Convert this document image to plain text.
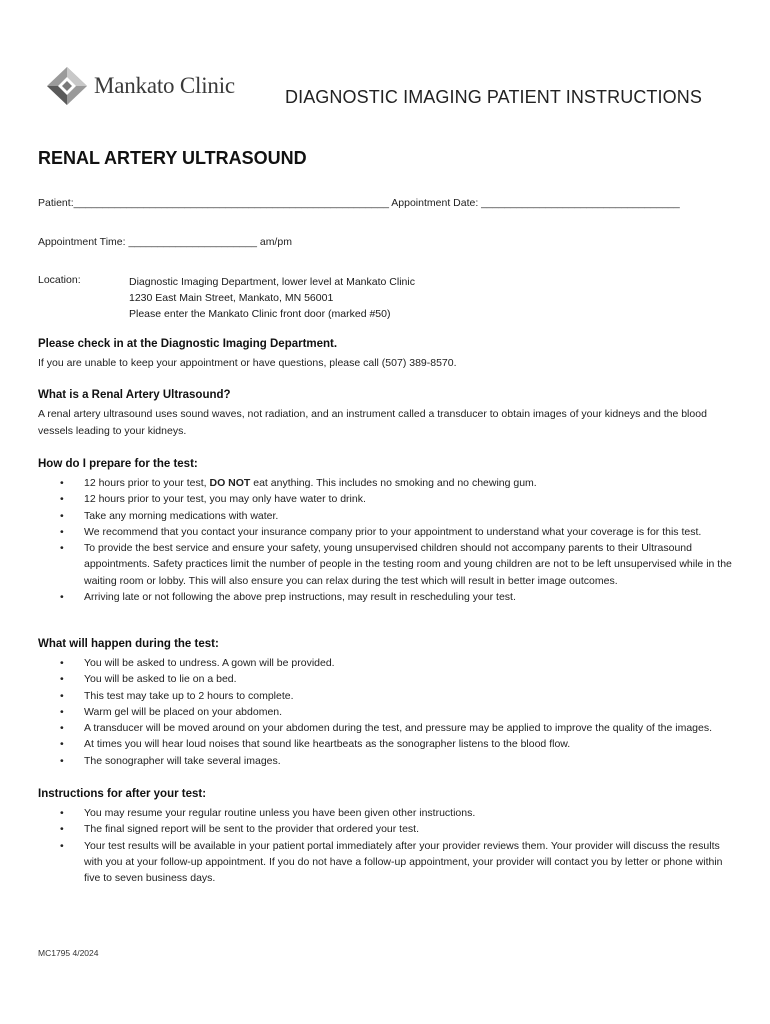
Mankato Clinic	DIAGNOSTIC IMAGING PATIENT INSTRUCTIONS
RENAL ARTERY ULTRASOUND
Patient:______________________________________________________ Appointment Date: __________________________________
Appointment Time: ______________________ am/pm
Location:	Diagnostic Imaging Department, lower level at Mankato Clinic
1230 East Main Street, Mankato, MN 56001
Please enter the Mankato Clinic front door (marked #50)
Please check in at the Diagnostic Imaging Department.
If you are unable to keep your appointment or have questions, please call (507) 389-8570.
What is a Renal Artery Ultrasound?
A renal artery ultrasound uses sound waves, not radiation, and an instrument called a transducer to obtain images of your kidneys and the blood vessels leading to your kidneys.
How do I prepare for the test:
• 12 hours prior to your test, DO NOT eat anything. This includes no smoking and no chewing gum.
• 12 hours prior to your test, you may only have water to drink.
• Take any morning medications with water.
• We recommend that you contact your insurance company prior to your appointment to understand what your coverage is for this test.
• To provide the best service and ensure your safety, young unsupervised children should not accompany parents to their Ultrasound appointments. Safety practices limit the number of people in the testing room and young children are not to be left unsupervised while in the waiting room or lobby. This will also ensure you can relax during the test which will result in better image outcomes.
• Arriving late or not following the above prep instructions, may result in rescheduling your test.
What will happen during the test:
• You will be asked to undress. A gown will be provided.
• You will be asked to lie on a bed.
• This test may take up to 2 hours to complete.
• Warm gel will be placed on your abdomen.
• A transducer will be moved around on your abdomen during the test, and pressure may be applied to improve the quality of the images.
• At times you will hear loud noises that sound like heartbeats as the sonographer listens to the blood flow.
• The sonographer will take several images.
Instructions for after your test:
• You may resume your regular routine unless you have been given other instructions.
• The final signed report will be sent to the provider that ordered your test.
• Your test results will be available in your patient portal immediately after your provider reviews them. Your provider will discuss the results with you at your follow-up appointment. If you do not have a follow-up appointment, your provider will contact you by letter or phone within five to seven business days.
MC1795 4/2024
